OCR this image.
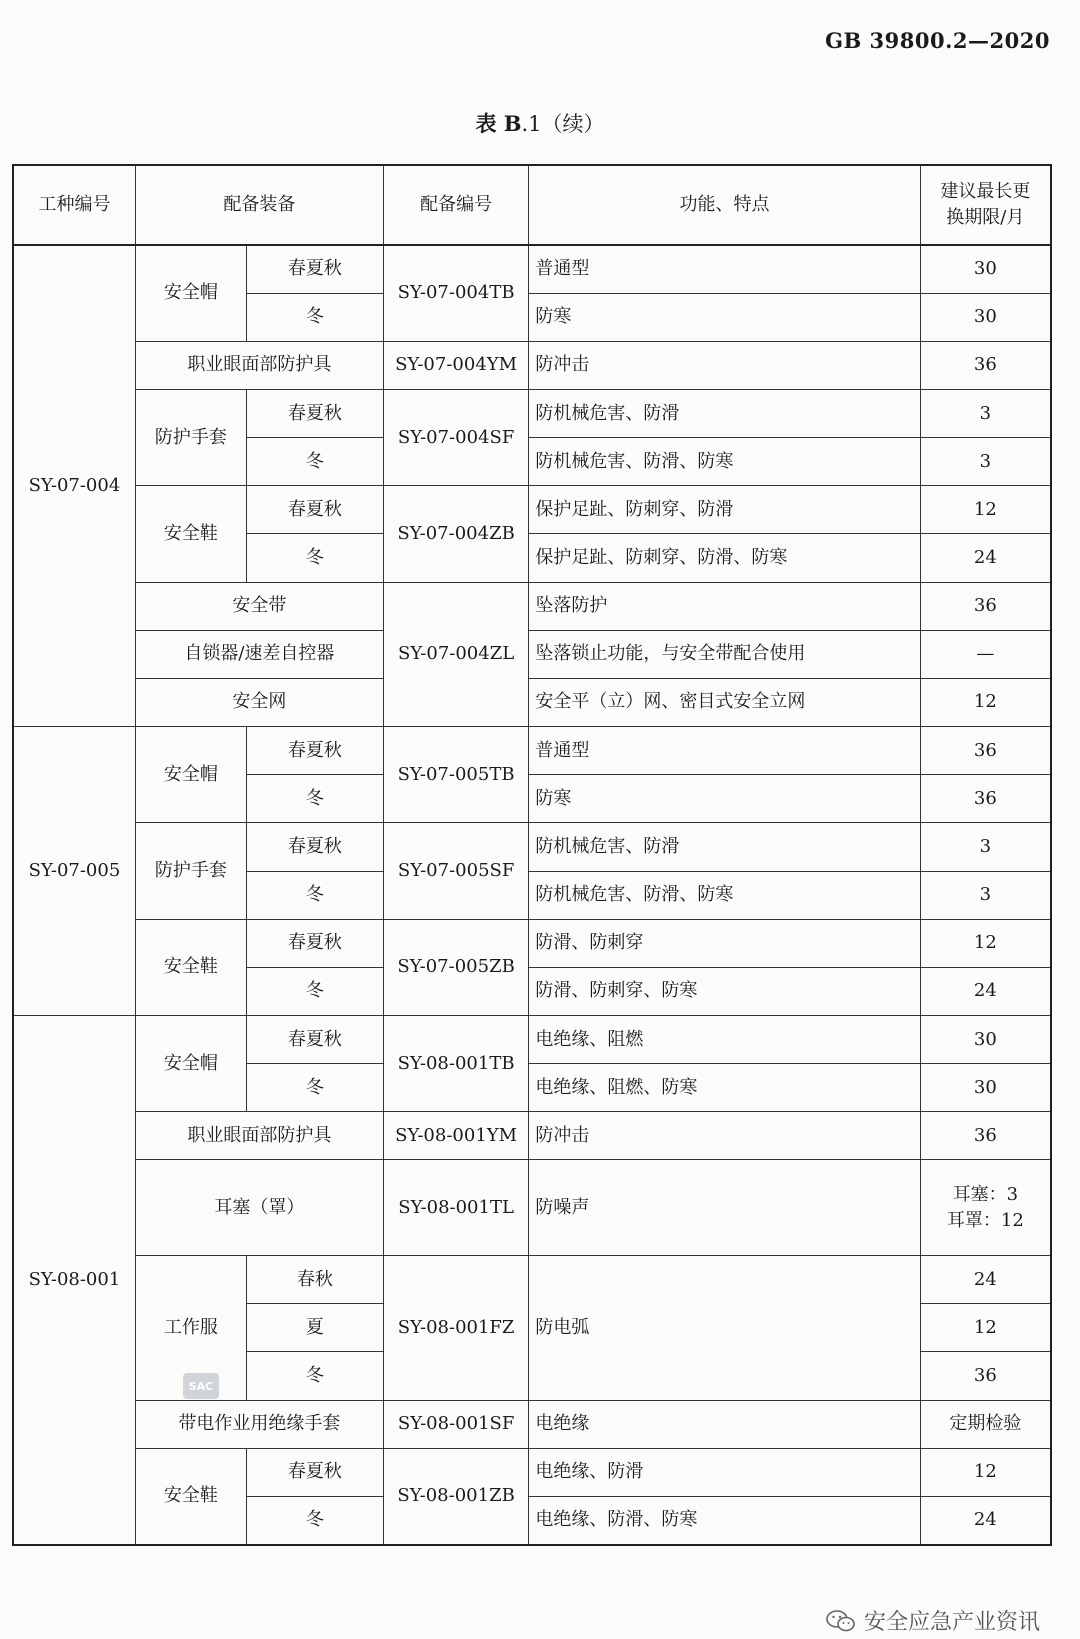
GB 39800.2—2020
表 B.1（续）
工种编号	配备装备		配备编号	功能、特点	建议最长更
换期限/月
SY-07-004	安全帽	春夏秋	SY-07-004TB	普通型	30
		冬		防寒	30
	职业眼面部防护具		SY-07-004YM	防冲击	36
	防护手套	春夏秋	SY-07-004SF	防机械危害、防滑	3
		冬		防机械危害、防滑、防寒	3
	安全鞋	春夏秋	SY-07-004ZB	保护足趾、防刺穿、防滑	12
		冬		保护足趾、防刺穿、防滑、防寒	24
	安全带		SY-07-004ZL	坠落防护	36
	自锁器/速差自控器			坠落锁止功能，与安全带配合使用	—
	安全网			安全平（立）网、密目式安全立网	12
SY-07-005	安全帽	春夏秋	SY-07-005TB	普通型	36
		冬		防寒	36
	防护手套	春夏秋	SY-07-005SF	防机械危害、防滑	3
		冬		防机械危害、防滑、防寒	3
	安全鞋	春夏秋	SY-07-005ZB	防滑、防刺穿	12
		冬		防滑、防刺穿、防寒	24
SY-08-001	安全帽	春夏秋	SY-08-001TB	电绝缘、阻燃	30
		冬		电绝缘、阻燃、防寒	30
	职业眼面部防护具		SY-08-001YM	防冲击	36
	耳塞（罩）		SY-08-001TL	防噪声	耳塞：3
耳罩：12
	工作服	春秋	SY-08-001FZ	防电弧	24
		夏			12
		冬			36
	带电作业用绝缘手套		SY-08-001SF	电绝缘	定期检验
	安全鞋	春夏秋	SY-08-001ZB	电绝缘、防滑	12
		冬		电绝缘、防滑、防寒	24
SAC
安全应急产业资讯
